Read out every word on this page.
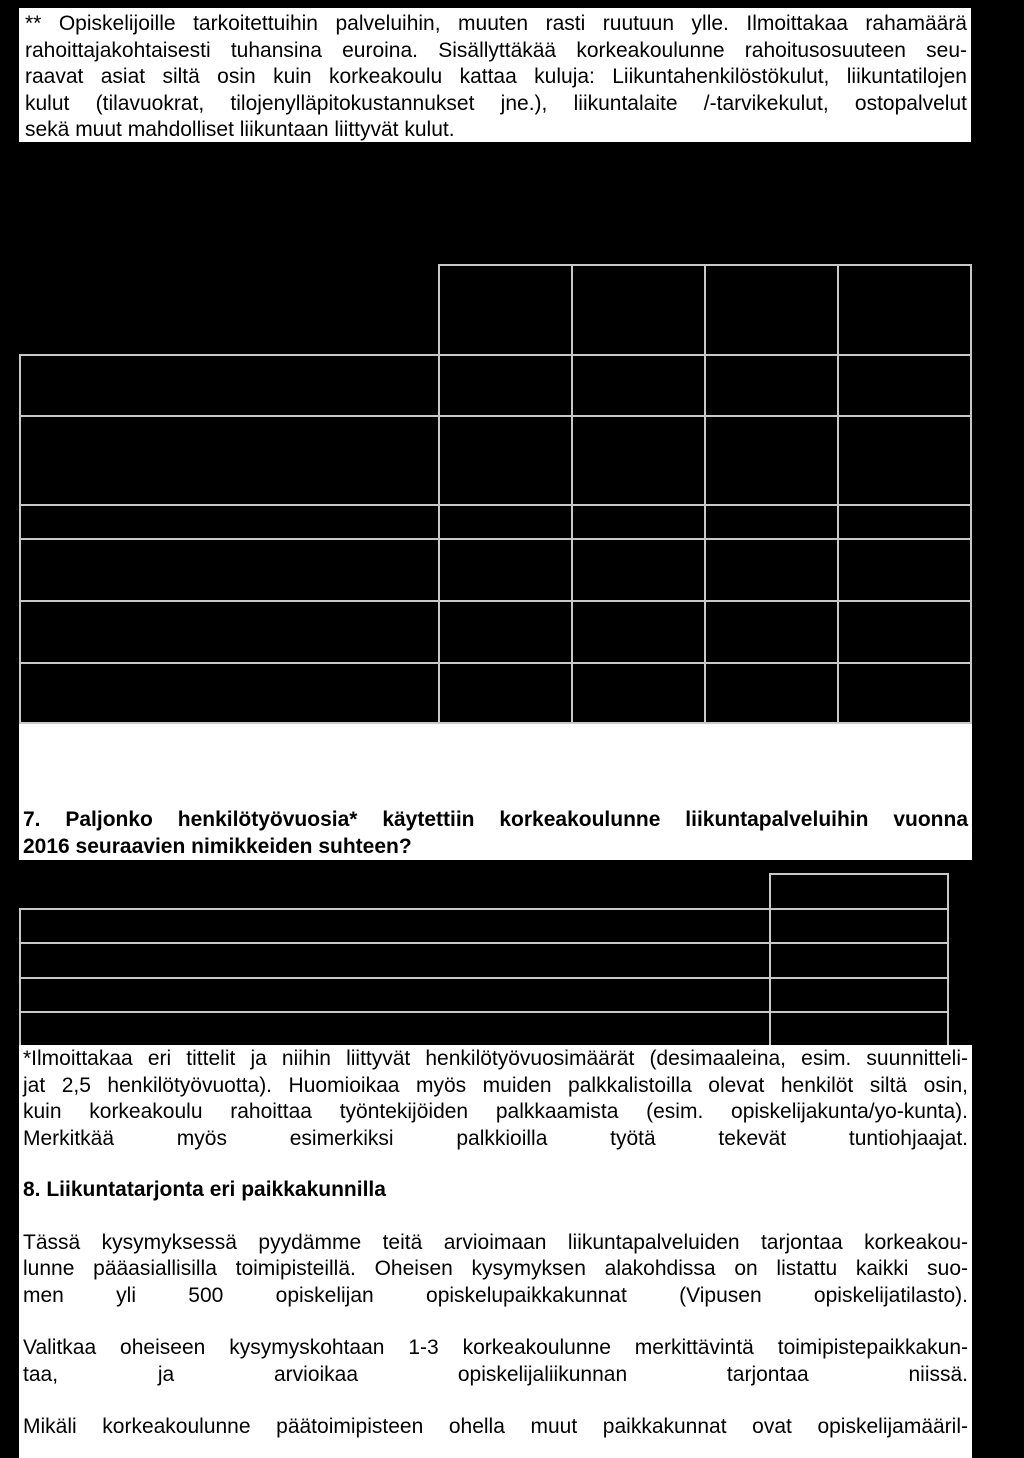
** Opiskelijoille tarkoitettuihin palveluihin, muuten rasti ruutuun ylle. Ilmoittakaa rahamäärä

rahoittajakohtaisesti tuhansina euroina. Sisällyttäkää korkeakoulunne rahoitusosuuteen seu-

raavat asiat siltä osin kuin korkeakoulu kattaa kuluja: Liikuntahenkilöstökulut, liikuntatilojen

kulut (tilavuokrat, tilojenylläpitokustannukset jne.), liikuntalaite /-tarvikekulut, ostopalvelut

sekä muut mahdolliset liikuntaan liittyvät kulut.

7. Paljonko henkilötyövuosia* käytettiin korkeakoulunne liikuntapalveluihin vuonna

2016 seuraavien nimikkeiden suhteen?

*Ilmoittakaa eri tittelit ja niihin liittyvät henkilötyövuosimäärät (desimaaleina, esim. suunnitteli-

jat 2,5 henkilötyövuotta). Huomioikaa myös muiden palkkalistoilla olevat henkilöt siltä osin,

kuin korkeakoulu rahoittaa työntekijöiden palkkaamista (esim. opiskelijakunta/yo-kunta).

Merkitkää myös esimerkiksi palkkioilla työtä tekevät tuntiohjaajat.

8. Liikuntatarjonta eri paikkakunnilla

Tässä kysymyksessä pyydämme teitä arvioimaan liikuntapalveluiden tarjontaa korkeakou-

lunne pääasiallisilla toimipisteillä. Oheisen kysymyksen alakohdissa on listattu kaikki suo-

men yli 500 opiskelijan opiskelupaikkakunnat (Vipusen opiskelijatilasto).

Valitkaa oheiseen kysymyskohtaan 1-3 korkeakoulunne merkittävintä toimipistepaikkakun-

taa, ja arvioikaa opiskelijaliikunnan tarjontaa niissä.

Mikäli korkeakoulunne päätoimipisteen ohella muut paikkakunnat ovat opiskelijamääril-
